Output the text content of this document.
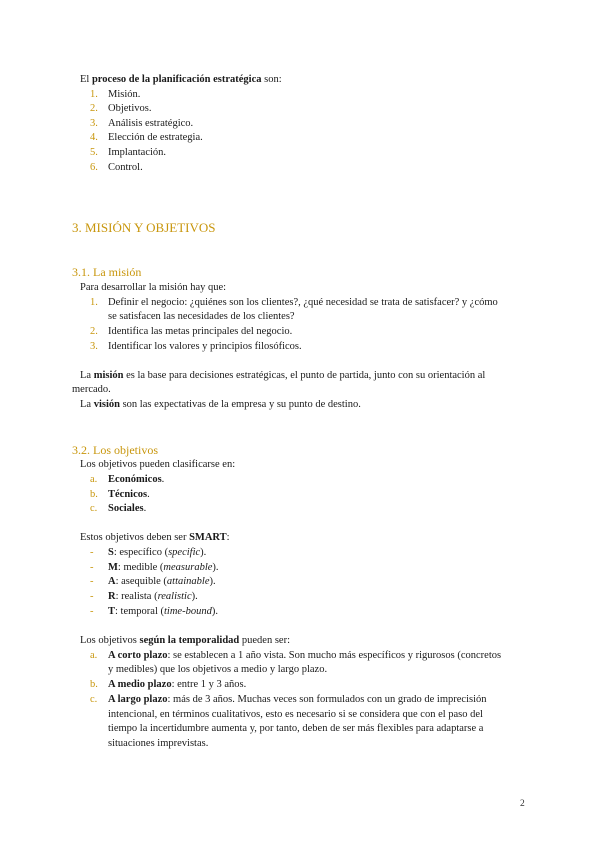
El proceso de la planificación estratégica son:
1. Misión.
2. Objetivos.
3. Análisis estratégico.
4. Elección de estrategia.
5. Implantación.
6. Control.
3. MISIÓN Y OBJETIVOS
3.1. La misión
Para desarrollar la misión hay que:
1. Definir el negocio: ¿quiénes son los clientes?, ¿qué necesidad se trata de satisfacer? y ¿cómo
se satisfacen las necesidades de los clientes?
2. Identifica las metas principales del negocio.
3. Identificar los valores y principios filosóficos.
La misión es la base para decisiones estratégicas, el punto de partida, junto con su orientación al
mercado.
La visión son las expectativas de la empresa y su punto de destino.
3.2. Los objetivos
Los objetivos pueden clasificarse en:
a. Económicos.
b. Técnicos.
c. Sociales.
Estos objetivos deben ser SMART:
- S: específico (specific).
- M: medible (measurable).
- A: asequible (attainable).
- R: realista (realistic).
- T: temporal (time-bound).
Los objetivos según la temporalidad pueden ser:
a. A corto plazo: se establecen a 1 año vista. Son mucho más específicos y rigurosos (concretos
y medibles) que los objetivos a medio y largo plazo.
b. A medio plazo: entre 1 y 3 años.
c. A largo plazo: más de 3 años. Muchas veces son formulados con un grado de imprecisión
intencional, en términos cualitativos, esto es necesario si se considera que con el paso del
tiempo la incertidumbre aumenta y, por tanto, deben de ser más flexibles para adaptarse a
situaciones imprevistas.
2
